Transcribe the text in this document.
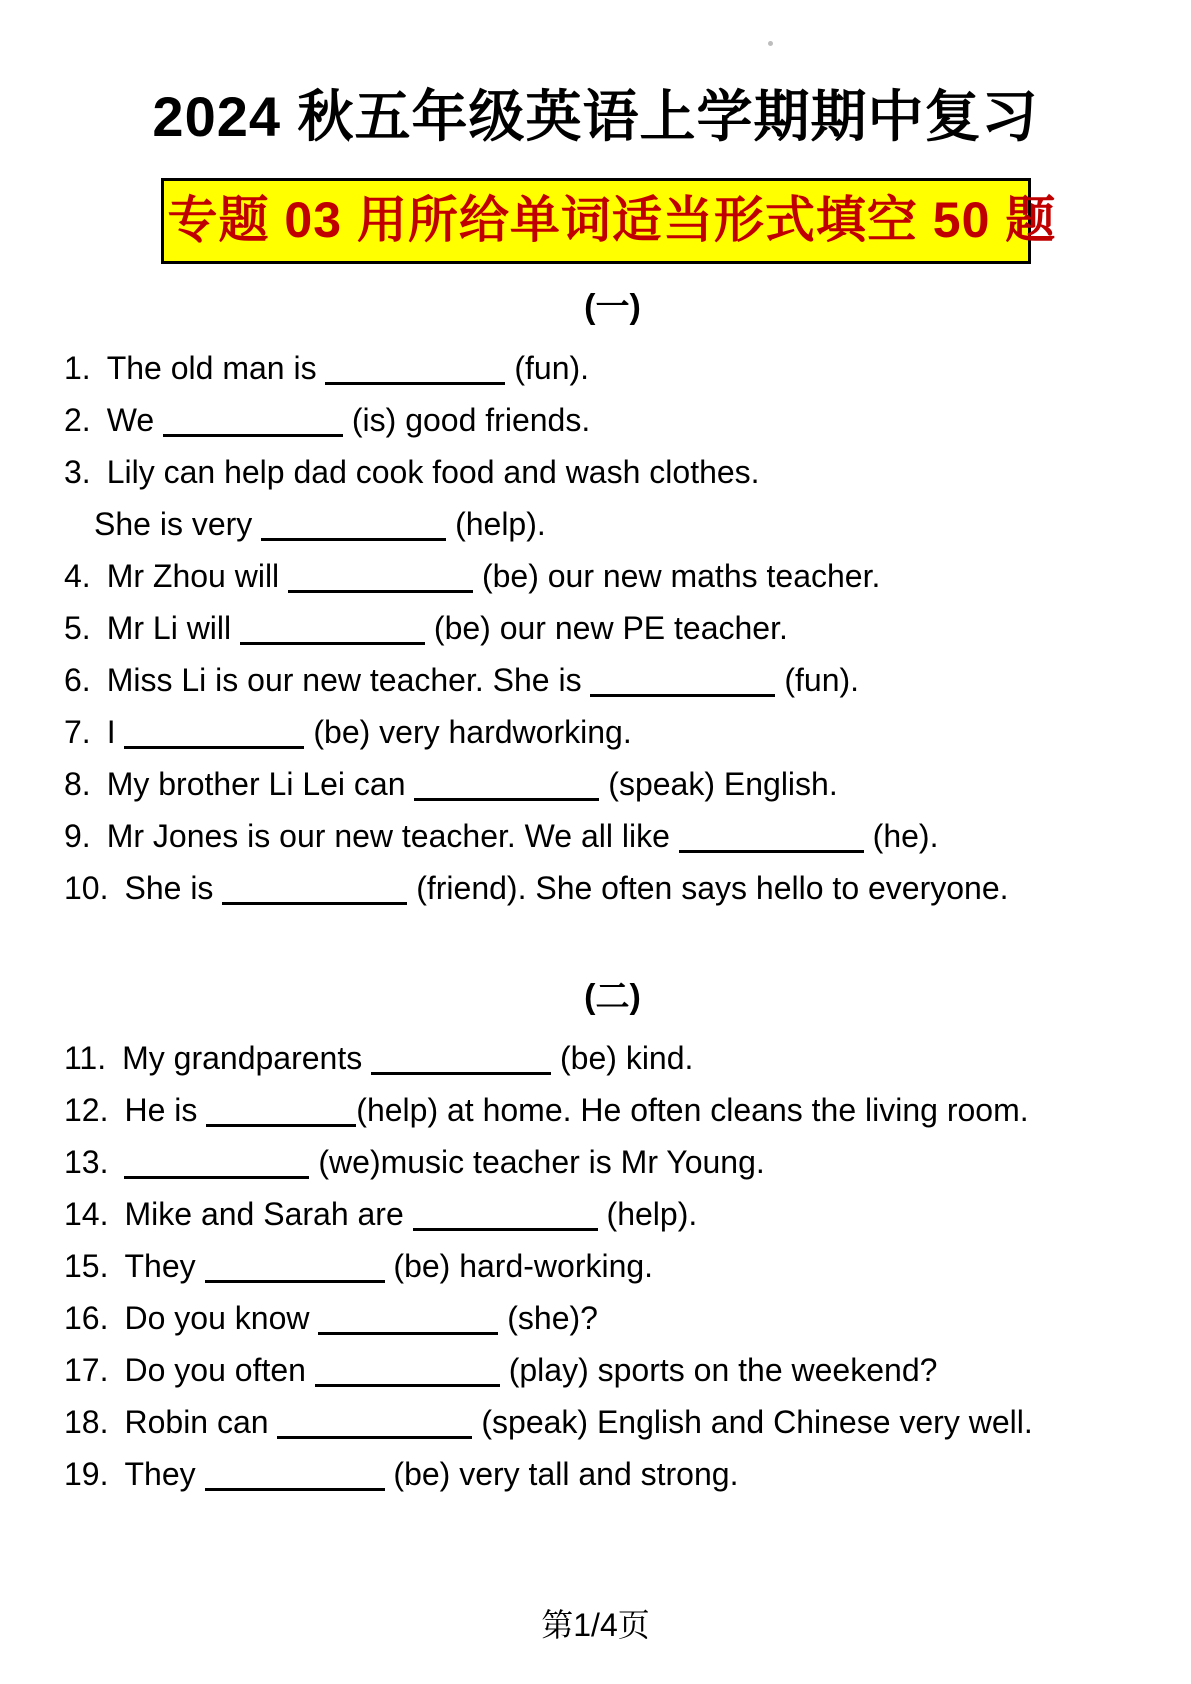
2024 秋五年级英语上学期期中复习
专题 03 用所给单词适当形式填空 50 题
(一)
1. The old man is	(fun).
2. We	(is) good friends.
3. Lily can help dad cook food and wash clothes.
She is very	(help).
4. Mr Zhou will	(be) our new maths teacher.
5. Mr Li will	(be) our new PE teacher.
6. Miss Li is our new teacher. She is	(fun).
7. I	(be) very hardworking.
8. My brother Li Lei can	(speak) English.
9. Mr Jones is our new teacher. We all like	(he).
10. She is	(friend). She often says hello to everyone.
(二)
11. My grandparents	(be) kind.
12. He is	(help) at home. He often cleans the living room.
13.	(we)music teacher is Mr Young.
14. Mike and Sarah are	(help).
15. They	(be) hard-working.
16. Do you know	(she)?
17. Do you often	(play) sports on the weekend?
18. Robin can	(speak) English and Chinese very well.
19. They	(be) very tall and strong.
第1/4页
